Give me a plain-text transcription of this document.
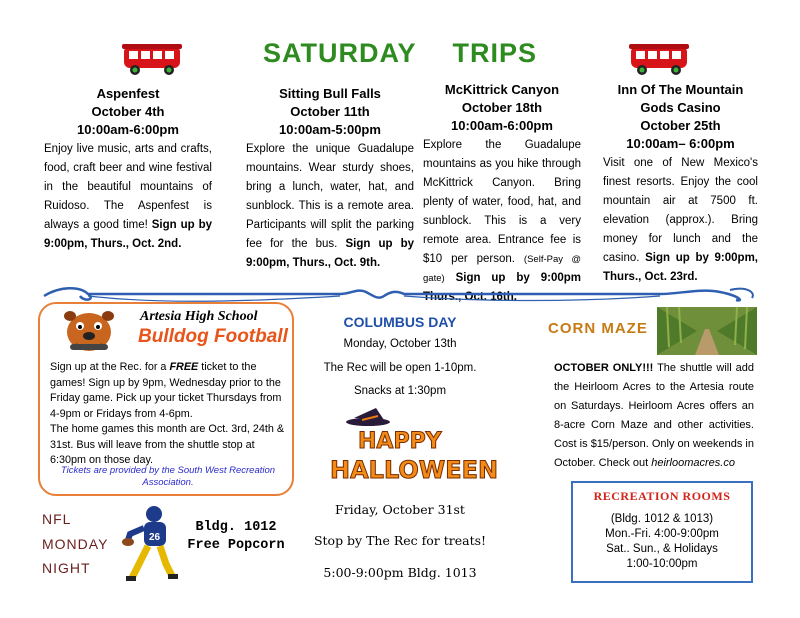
SATURDAY TRIPS
Aspenfest
October 4th
10:00am-6:00pm
Enjoy live music, arts and crafts, food, craft beer and wine festival in the beautiful mountains of Ruidoso. The Aspenfest is always a good time! Sign up by 9:00pm, Thurs., Oct. 2nd.
Sitting Bull Falls
October 11th
10:00am-5:00pm
Explore the unique Guadalupe mountains. Wear sturdy shoes, bring a lunch, water, hat, and sunblock. This is a remote area. Participants will split the parking fee for the bus. Sign up by 9:00pm, Thurs., Oct. 9th.
McKittrick Canyon
October 18th
10:00am-6:00pm
Explore the Guadalupe mountains as you hike through McKittrick Canyon. Bring plenty of water, food, hat, and sunblock. This is a very remote area. Entrance fee is $10 per person. (Self-Pay @ gate) Sign up by 9:00pm Thurs., Oct. 16th.
Inn Of The Mountain
Gods Casino
October 25th
10:00am– 6:00pm
Visit one of New Mexico's finest resorts. Enjoy the cool mountain air at 7500 ft. elevation (approx.). Bring money for lunch and the casino. Sign up by 9:00pm, Thurs., Oct. 23rd.
Artesia High School
Bulldog Football
Sign up at the Rec. for a FREE ticket to the games! Sign up by 9pm, Wednesday prior to the Friday game. Pick up your ticket Thursdays from 4-9pm or Fridays from 4-6pm.
The home games this month are Oct. 3rd, 24th & 31st. Bus will leave from the shuttle stop at 6:30pm on those day.
Tickets are provided by the South West Recreation Association.
NFL
MONDAY
NIGHT
26
Bldg. 1012
Free Popcorn
COLUMBUS DAY
Monday, October 13th
The Rec will be open 1-10pm.
Snacks at 1:30pm
HAPPY
HALLOWEEN
Friday, October 31st
Stop by The Rec for treats!
5:00-9:00pm Bldg. 1013
CORN MAZE
OCTOBER ONLY!!! The shuttle will add the Heirloom Acres to the Artesia route on Saturdays. Heirloom Acres offers an 8-acre Corn Maze and other activities. Cost is $15/person. Only on weekends in October. Check out heirloomacres.co
RECREATION ROOMS
(Bldg. 1012 & 1013)
Mon.-Fri. 4:00-9:00pm
Sat.. Sun., & Holidays
1:00-10:00pm
